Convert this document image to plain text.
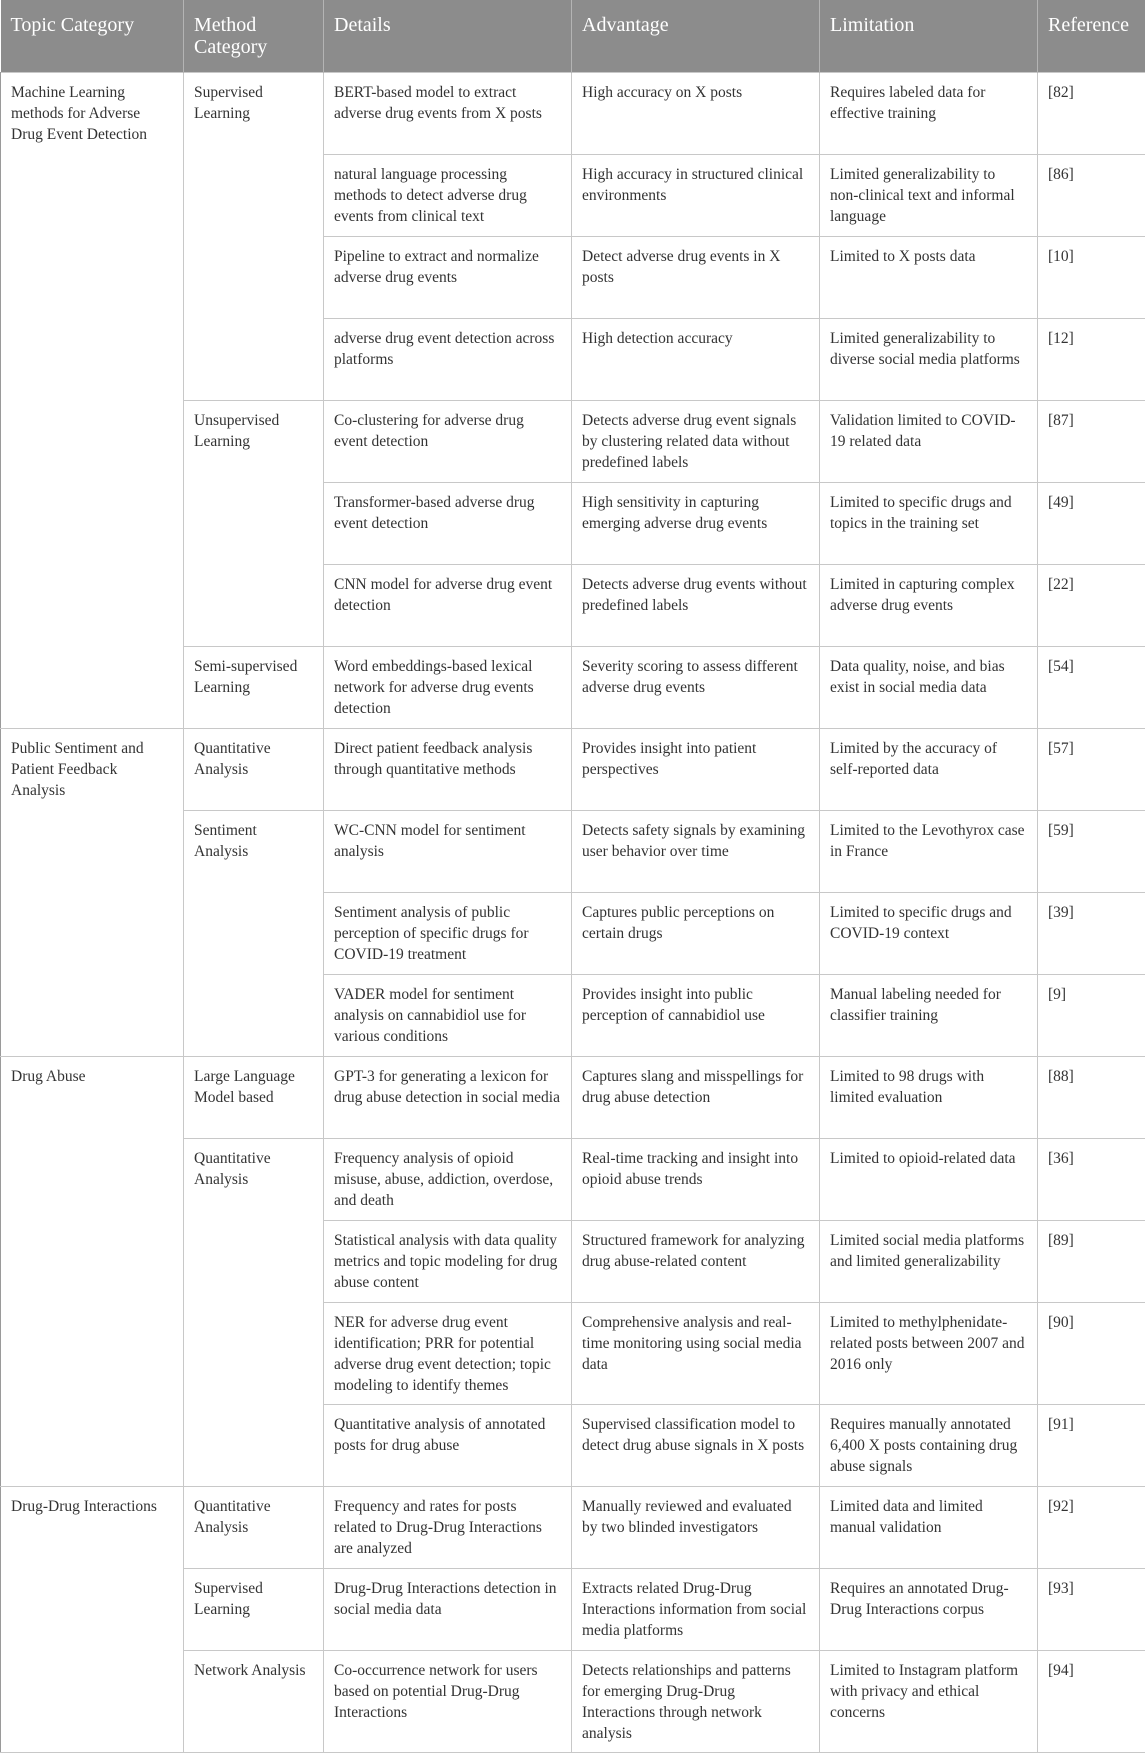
Topic Category	Method Category	Details	Advantage	Limitation	Reference
Machine Learning methods for Adverse Drug Event Detection	Supervised Learning	BERT-based model to extract adverse drug events from X posts	High accuracy on X posts	Requires labeled data for effective training	[82]
		natural language processing methods to detect adverse drug events from clinical text	High accuracy in structured clinical environments	Limited generalizability to non-clinical text and informal language	[86]
		Pipeline to extract and normalize adverse drug events	Detect adverse drug events in X posts	Limited to X posts data	[10]
		adverse drug event detection across platforms	High detection accuracy	Limited generalizability to diverse social media platforms	[12]
	Unsupervised Learning	Co-clustering for adverse drug event detection	Detects adverse drug event signals by clustering related data without predefined labels	Validation limited to COVID-19 related data	[87]
		Transformer-based adverse drug event detection	High sensitivity in capturing emerging adverse drug events	Limited to specific drugs and topics in the training set	[49]
		CNN model for adverse drug event detection	Detects adverse drug events without predefined labels	Limited in capturing complex adverse drug events	[22]
	Semi-supervised Learning	Word embeddings-based lexical network for adverse drug events detection	Severity scoring to assess different adverse drug events	Data quality, noise, and bias exist in social media data	[54]
Public Sentiment and Patient Feedback Analysis	Quantitative Analysis	Direct patient feedback analysis through quantitative methods	Provides insight into patient perspectives	Limited by the accuracy of self-reported data	[57]
	Sentiment Analysis	WC-CNN model for sentiment analysis	Detects safety signals by examining user behavior over time	Limited to the Levothyrox case in France	[59]
		Sentiment analysis of public perception of specific drugs for COVID-19 treatment	Captures public perceptions on certain drugs	Limited to specific drugs and COVID-19 context	[39]
		VADER model for sentiment analysis on cannabidiol use for various conditions	Provides insight into public perception of cannabidiol use	Manual labeling needed for classifier training	[9]
Drug Abuse	Large Language Model based	GPT-3 for generating a lexicon for drug abuse detection in social media	Captures slang and misspellings for drug abuse detection	Limited to 98 drugs with limited evaluation	[88]
	Quantitative Analysis	Frequency analysis of opioid misuse, abuse, addiction, overdose, and death	Real-time tracking and insight into opioid abuse trends	Limited to opioid-related data	[36]
		Statistical analysis with data quality metrics and topic modeling for drug abuse content	Structured framework for analyzing drug abuse-related content	Limited social media platforms and limited generalizability	[89]
		NER for adverse drug event identification; PRR for potential adverse drug event detection; topic modeling to identify themes	Comprehensive analysis and real-time monitoring using social media data	Limited to methylphenidate-related posts between 2007 and 2016 only	[90]
		Quantitative analysis of annotated posts for drug abuse	Supervised classification model to detect drug abuse signals in X posts	Requires manually annotated 6,400 X posts containing drug abuse signals	[91]
Drug-Drug Interactions	Quantitative Analysis	Frequency and rates for posts related to Drug-Drug Interactions are analyzed	Manually reviewed and evaluated by two blinded investigators	Limited data and limited manual validation	[92]
	Supervised Learning	Drug-Drug Interactions detection in social media data	Extracts related Drug-Drug Interactions information from social media platforms	Requires an annotated Drug-Drug Interactions corpus	[93]
	Network Analysis	Co-occurrence network for users based on potential Drug-Drug Interactions	Detects relationships and patterns for emerging Drug-Drug Interactions through network analysis	Limited to Instagram platform with privacy and ethical concerns	[94]
